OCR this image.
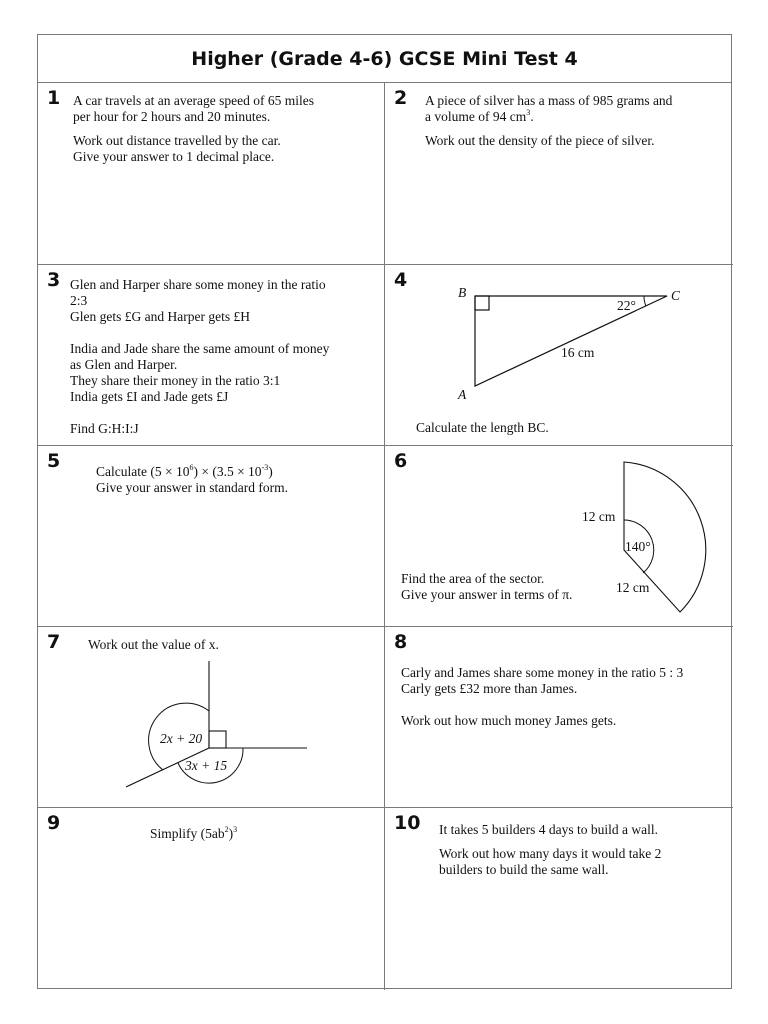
Higher (Grade 4-6) GCSE Mini Test 4
1 A car travels at an average speed of 65 miles

per hour for 2 hours and 20 minutes.

Work out distance travelled by the car.

Give your answer to 1 decimal place.

2 A piece of silver has a mass of 985 grams and

a volume of 94 $cm^3$.

Work out the density of the piece of silver.

3 Glen and Harper share some money in the ratio

2:3

Glen gets £G and Harper gets £H

India and Jade share the same amount of money

as Glen and Harper.

They share their money in the ratio 3:1

India gets £I and Jade gets £J

Find G:H:I:J

4
B	C
A
22°
16 cm
Calculate the length BC.
5	Calculate $(5 \times 10^6) \times (3.5 \times 10^{-3})$

Give your answer in standard form.

6
12 cm
140°
12 cm
Find the area of the sector.
Give your answer in terms of π.
7 Work out the value of x.
2x + 20
3x + 15
8

Carly and James share some money in the ratio 5 : 3

Carly gets £32 more than James.

Work out how much money James gets.

9	Simplify $(5ab^2)^3$	10 It takes 5 builders 4 days to build a wall.

Work out how many days it would take 2

builders to build the same wall.
